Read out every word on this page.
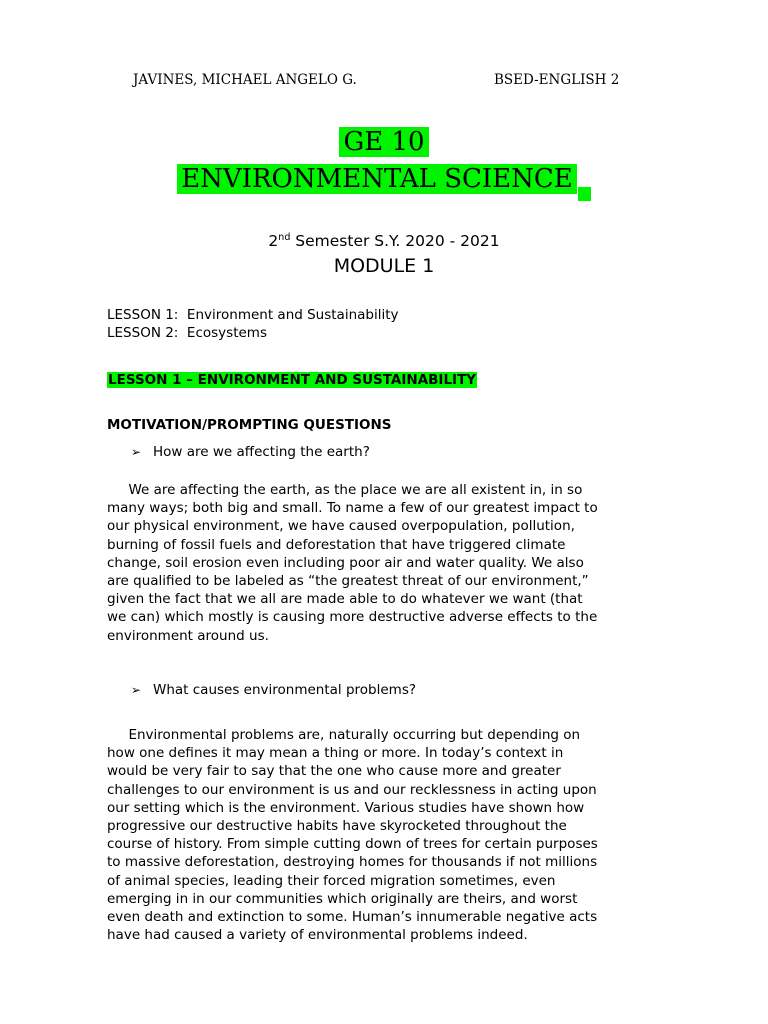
JAVINES, MICHAEL ANGELO G.	BSED-ENGLISH 2
GE 10
ENVIRONMENTAL SCIENCE
2nd Semester S.Y. 2020 - 2021
MODULE 1
LESSON 1:  Environment and Sustainability
LESSON 2:  Ecosystems
LESSON 1 – ENVIRONMENT AND SUSTAINABILITY
MOTIVATION/PROMPTING QUESTIONS
➢ How are we affecting the earth?
We are affecting the earth, as the place we are all existent in, in so
many ways; both big and small. To name a few of our greatest impact to
our physical environment, we have caused overpopulation, pollution,
burning of fossil fuels and deforestation that have triggered climate
change, soil erosion even including poor air and water quality. We also
are qualified to be labeled as “the greatest threat of our environment,”
given the fact that we all are made able to do whatever we want (that
we can) which mostly is causing more destructive adverse effects to the
environment around us.
➢ What causes environmental problems?
Environmental problems are, naturally occurring but depending on
how one defines it may mean a thing or more. In today’s context in
would be very fair to say that the one who cause more and greater
challenges to our environment is us and our recklessness in acting upon
our setting which is the environment. Various studies have shown how
progressive our destructive habits have skyrocketed throughout the
course of history. From simple cutting down of trees for certain purposes
to massive deforestation, destroying homes for thousands if not millions
of animal species, leading their forced migration sometimes, even
emerging in in our communities which originally are theirs, and worst
even death and extinction to some. Human’s innumerable negative acts
have had caused a variety of environmental problems indeed.
